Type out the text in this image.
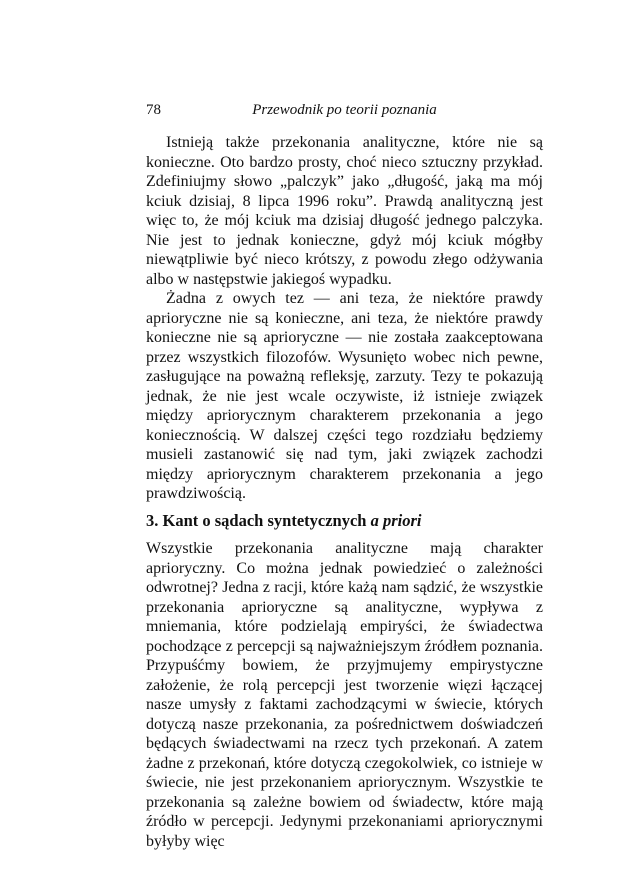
78	Przewodnik po teorii poznania

Istnieją także przekonania analityczne, które nie są konieczne. Oto bardzo prosty, choć nieco sztuczny przykład. Zdefiniujmy słowo „palczyk” jako „długość, jaką ma mój kciuk dzisiaj, 8 lipca 1996 roku”. Prawdą analityczną jest więc to, że mój kciuk ma dzisiaj długość jednego palczyka. Nie jest to jednak konieczne, gdyż mój kciuk mógłby niewątpliwie być nieco krótszy, z powodu złego odżywania albo w następstwie jakiegoś wypadku.

Żadna z owych tez — ani teza, że niektóre prawdy aprioryczne nie są konieczne, ani teza, że niektóre prawdy konieczne nie są aprioryczne — nie została zaakceptowana przez wszystkich filozofów. Wysunięto wobec nich pewne, zasługujące na poważną refleksję, zarzuty. Tezy te pokazują jednak, że nie jest wcale oczywiste, iż istnieje związek między apriorycznym charakterem przekonania a jego koniecznością. W dalszej części tego rozdziału będziemy musieli zastanowić się nad tym, jaki związek zachodzi między apriorycznym charakterem przekonania a jego prawdziwością.

3. Kant o sądach syntetycznych a priori

Wszystkie przekonania analityczne mają charakter aprioryczny. Co można jednak powiedzieć o zależności odwrotnej? Jedna z racji, które każą nam sądzić, że wszystkie przekonania aprioryczne są analityczne, wypływa z mniemania, które podzielają empiryści, że świadectwa pochodzące z percepcji są najważniejszym źródłem poznania. Przypuśćmy bowiem, że przyjmujemy empirystyczne założenie, że rolą percepcji jest tworzenie więzi łączącej nasze umysły z faktami zachodzącymi w świecie, których dotyczą nasze przekonania, za pośrednictwem doświadczeń będących świadectwami na rzecz tych przekonań. A zatem żadne z przekonań, które dotyczą czegokolwiek, co istnieje w świecie, nie jest przekonaniem apriorycznym. Wszystkie te przekonania są zależne bowiem od świadectw, które mają źródło w percepcji. Jedynymi przekonaniami apriorycznymi byłyby więc
